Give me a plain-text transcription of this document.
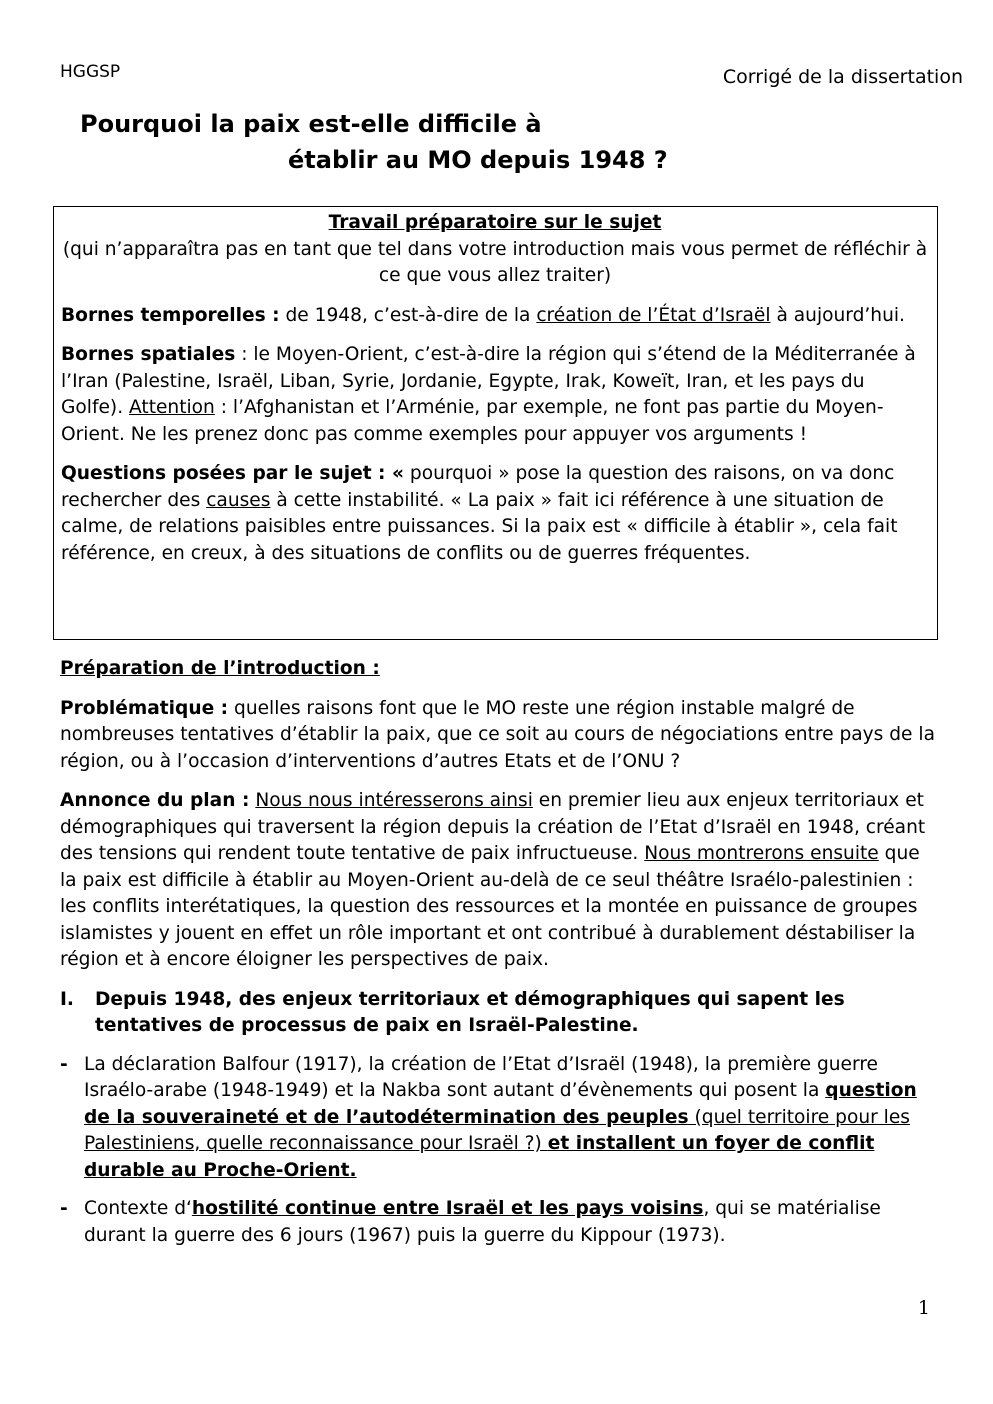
HGGSP	Corrigé de la dissertation
Pourquoi la paix est-elle difficile à
établir au MO depuis 1948 ?
Travail préparatoire sur le sujet
(qui n’apparaîtra pas en tant que tel dans votre introduction mais vous permet de réfléchir à ce que vous allez traiter)

Bornes temporelles : de 1948, c’est-à-dire de la création de l’État d’Israël à aujourd’hui.

Bornes spatiales : le Moyen-Orient, c’est-à-dire la région qui s’étend de la Méditerranée à l’Iran (Palestine, Israël, Liban, Syrie, Jordanie, Egypte, Irak, Koweït, Iran, et les pays du Golfe). Attention : l’Afghanistan et l’Arménie, par exemple, ne font pas partie du Moyen-Orient. Ne les prenez donc pas comme exemples pour appuyer vos arguments !

Questions posées par le sujet : « pourquoi » pose la question des raisons, on va donc rechercher des causes à cette instabilité. « La paix » fait ici référence à une situation de calme, de relations paisibles entre puissances. Si la paix est « difficile à établir », cela fait référence, en creux, à des situations de conflits ou de guerres fréquentes.

Préparation de l’introduction :

Problématique : quelles raisons font que le MO reste une région instable malgré de nombreuses tentatives d’établir la paix, que ce soit au cours de négociations entre pays de la région, ou à l’occasion d’interventions d’autres Etats et de l’ONU ?

Annonce du plan : Nous nous intéresserons ainsi en premier lieu aux enjeux territoriaux et démographiques qui traversent la région depuis la création de l’Etat d’Israël en 1948, créant des tensions qui rendent toute tentative de paix infructueuse. Nous montrerons ensuite que la paix est difficile à établir au Moyen-Orient au-delà de ce seul théâtre Israélo-palestinien : les conflits interétatiques, la question des ressources et la montée en puissance de groupes islamistes y jouent en effet un rôle important et ont contribué à durablement déstabiliser la région et à encore éloigner les perspectives de paix.

I.	Depuis 1948, des enjeux territoriaux et démographiques qui sapent les tentatives de processus de paix en Israël-Palestine.
- La déclaration Balfour (1917), la création de l’Etat d’Israël (1948), la première guerre Israélo-arabe (1948-1949) et la Nakba sont autant d’évènements qui posent la question de la souveraineté et de l’autodétermination des peuples (quel territoire pour les Palestiniens, quelle reconnaissance pour Israël ?) et installent un foyer de conflit durable au Proche-Orient.
- Contexte d‘hostilité continue entre Israël et les pays voisins, qui se matérialise durant la guerre des 6 jours (1967) puis la guerre du Kippour (1973).
1
